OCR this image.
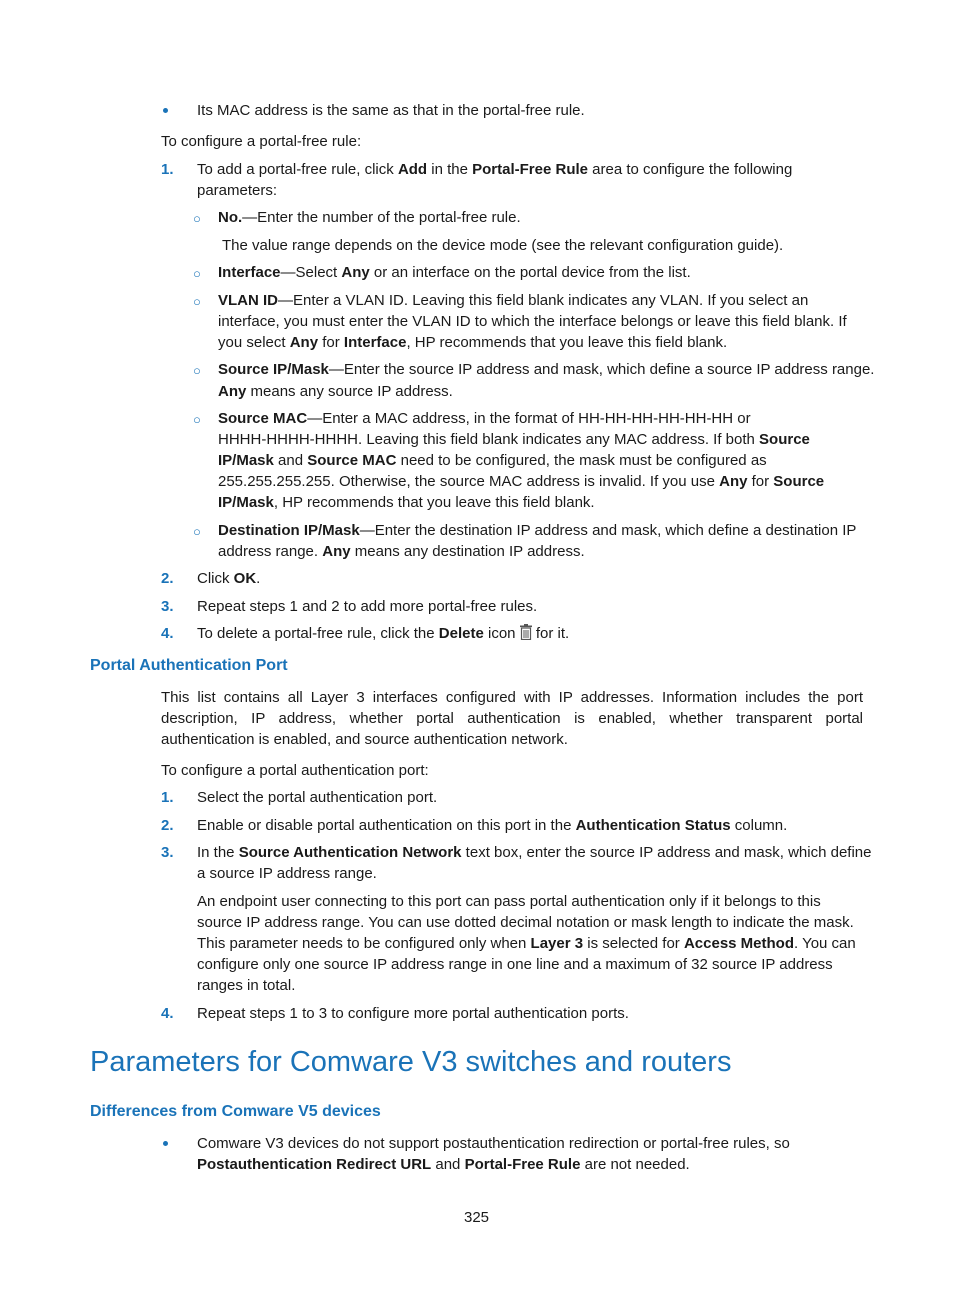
Its MAC address is the same as that in the portal-free rule.
To configure a portal-free rule:
1. To add a portal-free rule, click Add in the Portal-Free Rule area to configure the following
parameters:
○ No.—Enter the number of the portal-free rule.
The value range depends on the device mode (see the relevant configuration guide).
○ Interface—Select Any or an interface on the portal device from the list.
○ VLAN ID—Enter a VLAN ID. Leaving this field blank indicates any VLAN. If you select an
interface, you must enter the VLAN ID to which the interface belongs or leave this field blank. If
you select Any for Interface, HP recommends that you leave this field blank.
○ Source IP/Mask—Enter the source IP address and mask, which define a source IP address range.
Any means any source IP address.
○ Source MAC—Enter a MAC address, in the format of HH-HH-HH-HH-HH-HH or
HHHH-HHHH-HHHH. Leaving this field blank indicates any MAC address. If both Source
IP/Mask and Source MAC need to be configured, the mask must be configured as
255.255.255.255. Otherwise, the source MAC address is invalid. If you use Any for Source
IP/Mask, HP recommends that you leave this field blank.
○ Destination IP/Mask—Enter the destination IP address and mask, which define a destination IP
address range. Any means any destination IP address.
2. Click OK.
3. Repeat steps 1 and 2 to add more portal-free rules.
4. To delete a portal-free rule, click the Delete icon  for it.
Portal Authentication Port
This list contains all Layer 3 interfaces configured with IP addresses. Information includes the port
description, IP address, whether portal authentication is enabled, whether transparent portal
authentication is enabled, and source authentication network.
To configure a portal authentication port:
1. Select the portal authentication port.
2. Enable or disable portal authentication on this port in the Authentication Status column.
3. In the Source Authentication Network text box, enter the source IP address and mask, which define
a source IP address range.
An endpoint user connecting to this port can pass portal authentication only if it belongs to this
source IP address range. You can use dotted decimal notation or mask length to indicate the mask.
This parameter needs to be configured only when Layer 3 is selected for Access Method. You can
configure only one source IP address range in one line and a maximum of 32 source IP address
ranges in total.
4. Repeat steps 1 to 3 to configure more portal authentication ports.
Parameters for Comware V3 switches and routers
Differences from Comware V5 devices
Comware V3 devices do not support postauthentication redirection or portal-free rules, so
Postauthentication Redirect URL and Portal-Free Rule are not needed.
325
